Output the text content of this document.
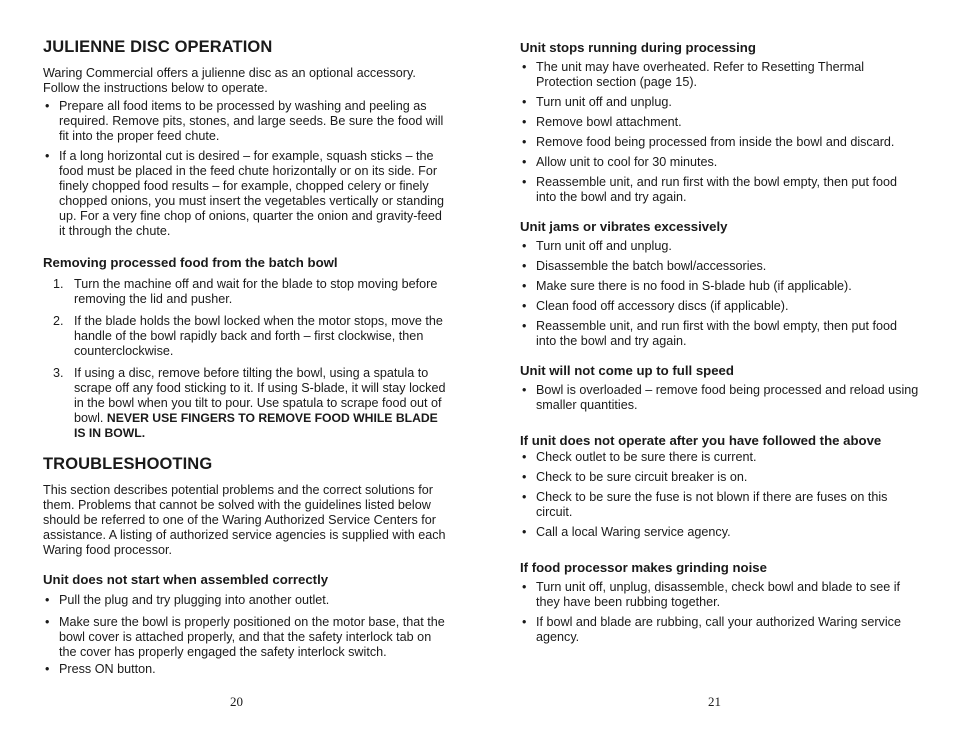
JULIENNE DISC OPERATION

Waring Commercial offers a julienne disc as an optional accessory. Follow the instructions below to operate.

• Prepare all food items to be processed by washing and peeling as required. Remove pits, stones, and large seeds. Be sure the food will fit into the proper feed chute.
• If a long horizontal cut is desired – for example, squash sticks – the food must be placed in the feed chute horizontally or on its side. For finely chopped food results – for example, chopped celery or finely chopped onions, you must insert the vegetables vertically or standing up. For a very fine chop of onions, quarter the onion and gravity-feed it through the chute.
Removing processed food from the batch bowl
1. Turn the machine off and wait for the blade to stop moving before removing the lid and pusher.
2. If the blade holds the bowl locked when the motor stops, move the handle of the bowl rapidly back and forth – first clockwise, then counterclockwise.
3. If using a disc, remove before tilting the bowl, using a spatula to scrape off any food sticking to it. If using S-blade, it will stay locked in the bowl when you tilt to pour. Use spatula to scrape food out of bowl. NEVER USE FINGERS TO REMOVE FOOD WHILE BLADE IS IN BOWL.
TROUBLESHOOTING

This section describes potential problems and the correct solutions for them. Problems that cannot be solved with the guidelines listed below should be referred to one of the Waring Authorized Service Centers for assistance. A listing of authorized service agencies is supplied with each Waring food processor.

Unit does not start when assembled correctly
• Pull the plug and try plugging into another outlet.
• Make sure the bowl is properly positioned on the motor base, that the bowl cover is attached properly, and that the safety interlock tab on the cover has properly engaged the safety interlock switch.
• Press ON button.
Unit stops running during processing
• The unit may have overheated. Refer to Resetting Thermal Protection section (page 15).
• Turn unit off and unplug.
• Remove bowl attachment.
• Remove food being processed from inside the bowl and discard.
• Allow unit to cool for 30 minutes.
• Reassemble unit, and run first with the bowl empty, then put food into the bowl and try again.
Unit jams or vibrates excessively
• Turn unit off and unplug.
• Disassemble the batch bowl/accessories.
• Make sure there is no food in S-blade hub (if applicable).
• Clean food off accessory discs (if applicable).
• Reassemble unit, and run first with the bowl empty, then put food into the bowl and try again.
Unit will not come up to full speed
• Bowl is overloaded – remove food being processed and reload using smaller quantities.
If unit does not operate after you have followed the above
• Check outlet to be sure there is current.
• Check to be sure circuit breaker is on.
• Check to be sure the fuse is not blown if there are fuses on this circuit.
• Call a local Waring service agency.
If food processor makes grinding noise
• Turn unit off, unplug, disassemble, check bowl and blade to see if they have been rubbing together.
• If bowl and blade are rubbing, call your authorized Waring service agency.
20	21
